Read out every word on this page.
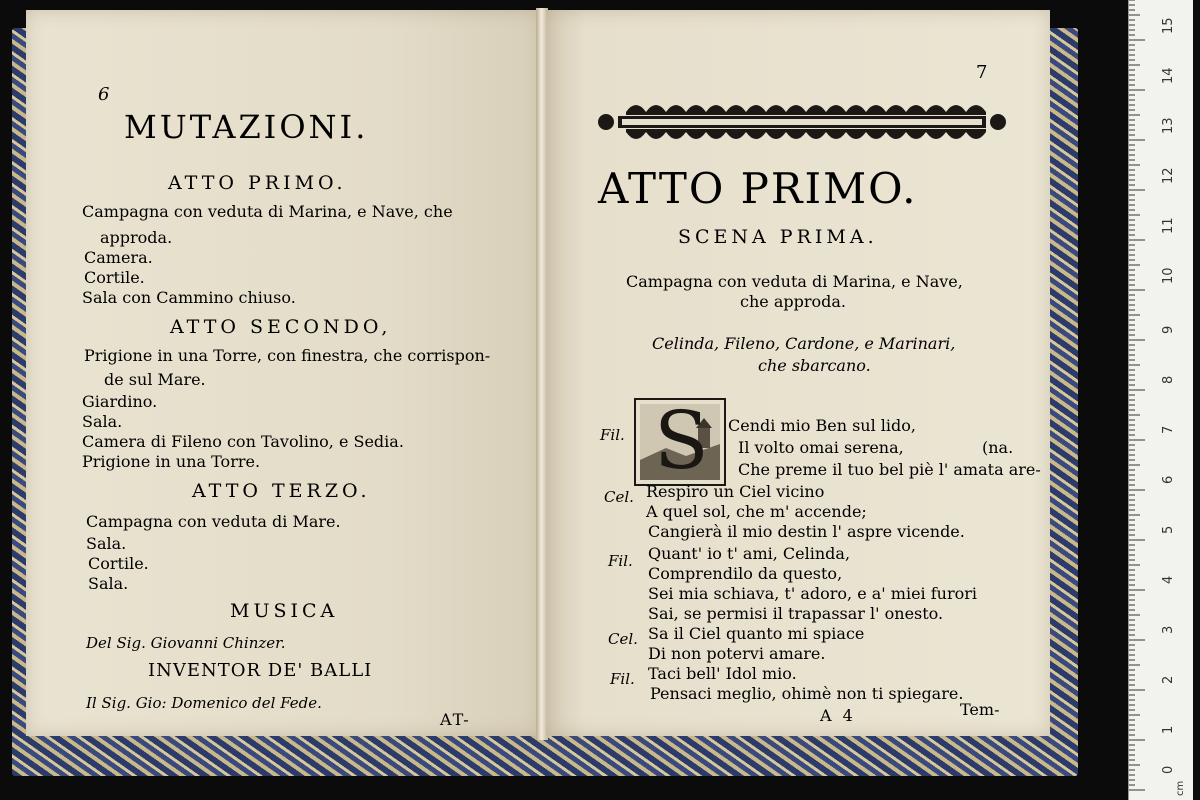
6
MUTAZIONI.
ATTO PRIMO.
Campagna con veduta di Marina, e Nave, che
approda.
Camera.
Cortile.
Sala con Cammino chiuso.
ATTO SECONDO,
Prigione in una Torre, con finestra, che corrispon-
de sul Mare.
Giardino.
Sala.
Camera di Fileno con Tavolino, e Sedia.
Prigione in una Torre.
ATTO TERZO.
Campagna con veduta di Mare.
Sala.
Cortile.
Sala.
MUSICA
Del Sig. Giovanni Chinzer.
INVENTOR DE' BALLI
Il Sig. Gio: Domenico del Fede.
AT-
7
ATTO PRIMO.
SCENA PRIMA.
Campagna con veduta di Marina, e Nave,
che approda.
Celinda, Fileno, Cardone, e Marinari,
che sbarcano.
S
Fil.	Cendi mio Ben sul lido,
Il volto omai serena,	(na.
Che preme il tuo bel piè l' amata are-
Cel. Respiro un Ciel vicino
A quel sol, che m' accende;
Cangierà il mio destin l' aspre vicende.
Fil. Quant' io t' ami, Celinda,
Comprendilo da questo,
Sei mia schiava, t' adoro, e a' miei furori
Sai, se permisi il trapassar l' onesto.
Cel. Sa il Ciel quanto mi spiace
Di non potervi amare.
Fil. Taci bell' Idol mio.
Pensaci meglio, ohimè non ti spiegare.
A 4	Tem-
15
14
13
12
11
10
9
8
7
6
5
4
3
2
1
0
cm
